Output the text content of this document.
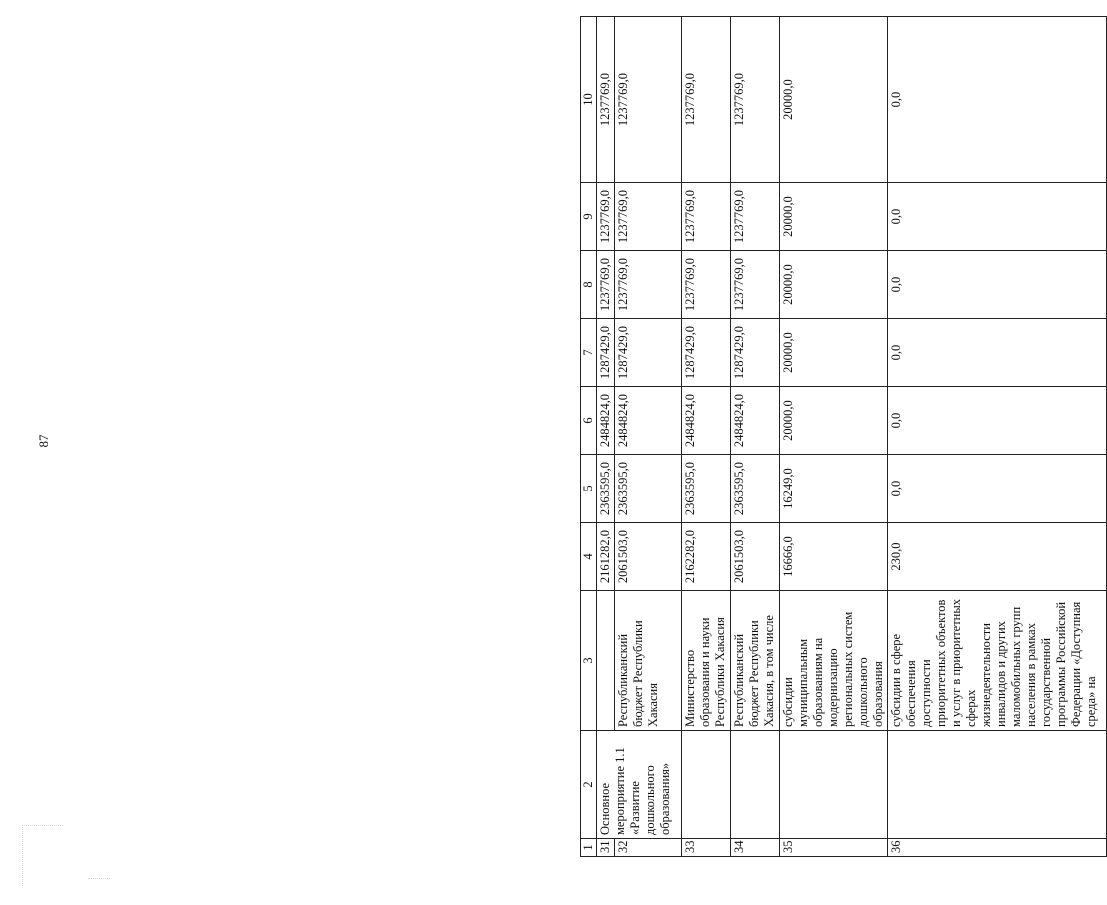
87
1	2	3	4	5	6	7	8	9	10
31	Основное мероприятие 1.1 «Развитие дошкольного образования»		2161282,0	2363595,0	2484824,0	1287429,0	1237769,0	1237769,0	1237769,0
32		Республиканский бюджет Республики Хакасия	2061503,0	2363595,0	2484824,0	1287429,0	1237769,0	1237769,0	1237769,0
33		Министерство образования и науки Республики Хакасия	2162282,0	2363595,0	2484824,0	1287429,0	1237769,0	1237769,0	1237769,0
34		Республиканский бюджет Республики Хакасия, в том числе	2061503,0	2363595,0	2484824,0	1287429,0	1237769,0	1237769,0	1237769,0
35		субсидии муниципальным образованиям на модернизацию региональных систем дошкольного образования	16666,0	16249,0	20000,0	20000,0	20000,0	20000,0	20000,0
36		субсидии в сфере обеспечения доступности приоритетных объектов и услуг в приоритетных сферах жизнедеятельности инвалидов и других маломобильных групп населения в рамках государственной программы Российской Федерации «Доступная среда» на	230,0	0,0	0,0	0,0	0,0	0,0	0,0
